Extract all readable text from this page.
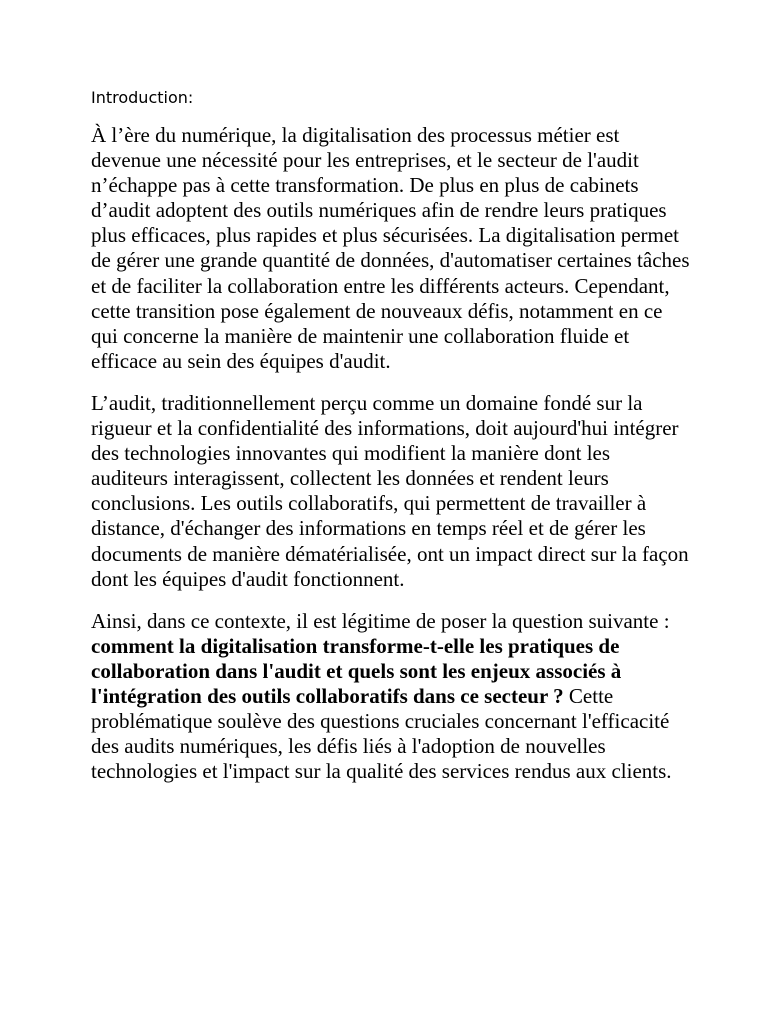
Introduction:

À l’ère du numérique, la digitalisation des processus métier est devenue une nécessité pour les entreprises, et le secteur de l'audit n’échappe pas à cette transformation. De plus en plus de cabinets d’audit adoptent des outils numériques afin de rendre leurs pratiques plus efficaces, plus rapides et plus sécurisées. La digitalisation permet de gérer une grande quantité de données, d'automatiser certaines tâches et de faciliter la collaboration entre les différents acteurs. Cependant, cette transition pose également de nouveaux défis, notamment en ce qui concerne la manière de maintenir une collaboration fluide et efficace au sein des équipes d'audit.

L’audit, traditionnellement perçu comme un domaine fondé sur la rigueur et la confidentialité des informations, doit aujourd'hui intégrer des technologies innovantes qui modifient la manière dont les auditeurs interagissent, collectent les données et rendent leurs conclusions. Les outils collaboratifs, qui permettent de travailler à distance, d'échanger des informations en temps réel et de gérer les documents de manière dématérialisée, ont un impact direct sur la façon dont les équipes d'audit fonctionnent.

Ainsi, dans ce contexte, il est légitime de poser la question suivante : comment la digitalisation transforme-t-elle les pratiques de collaboration dans l'audit et quels sont les enjeux associés à l'intégration des outils collaboratifs dans ce secteur ? Cette problématique soulève des questions cruciales concernant l'efficacité des audits numériques, les défis liés à l'adoption de nouvelles technologies et l'impact sur la qualité des services rendus aux clients.
